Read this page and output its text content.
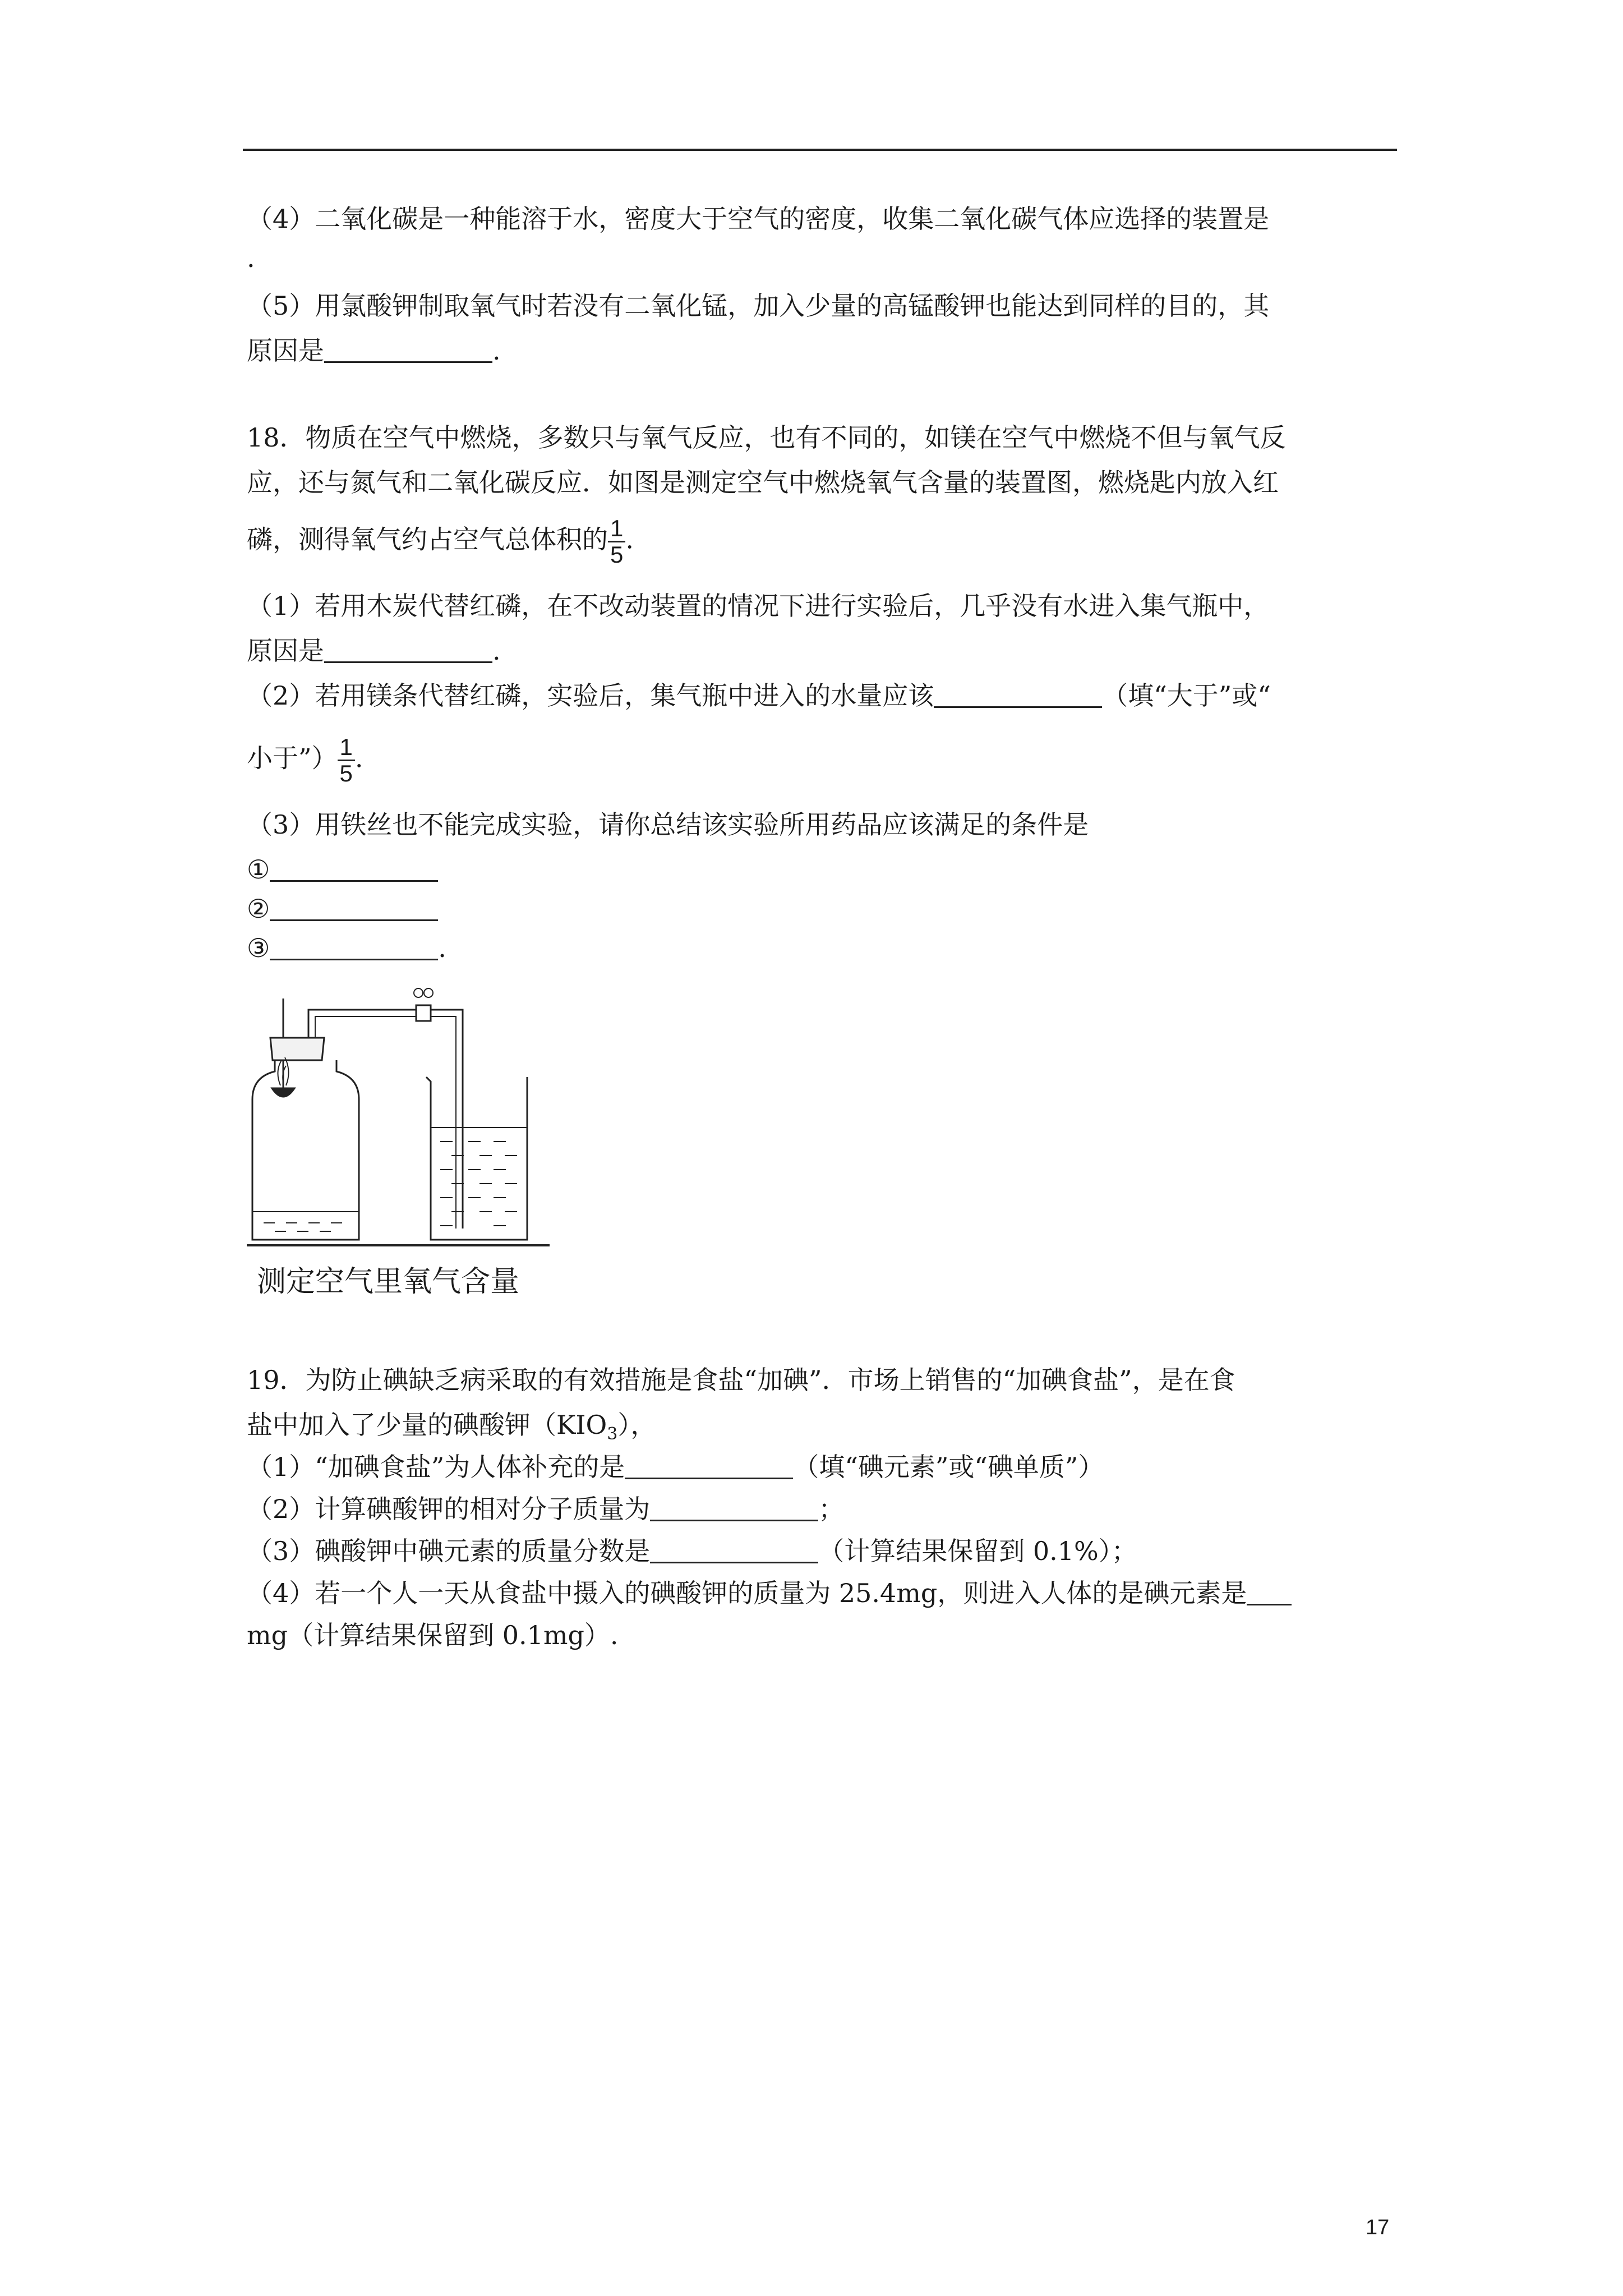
（4）二氧化碳是一种能溶于水，密度大于空气的密度，收集二氧化碳气体应选择的装置是
.
（5）用氯酸钾制取氧气时若没有二氧化锰，加入少量的高锰酸钾也能达到同样的目的，其
原因是	.
18．物质在空气中燃烧，多数只与氧气反应，也有不同的，如镁在空气中燃烧不但与氧气反
应，还与氮气和二氧化碳反应．如图是测定空气中燃烧氧气含量的装置图，燃烧匙内放入红
磷，测得氧气约占空气总体积的 $\frac{1}{5}$ .
（1）若用木炭代替红磷，在不改动装置的情况下进行实验后，几乎没有水进入集气瓶中，
原因是	.
（2）若用镁条代替红磷，实验后，集气瓶中进入的水量应该	（填“大于”或“
小于”） $\frac{1}{5}$ .
（3）用铁丝也不能完成实验，请你总结该实验所用药品应该满足的条件是
①
②
③	.
测定空气里氧气含量
19．为防止碘缺乏病采取的有效措施是食盐“加碘”．市场上销售的“加碘食盐”，是在食
盐中加入了少量的碘酸钾$(KIO_3)$，
（1）“加碘食盐”为人体补充的是	（填“碘元素”或“碘单质”）
（2）计算碘酸钾的相对分子质量为	；
（3）碘酸钾中碘元素的质量分数是	（计算结果保留到 0.1%）；
（4）若一个人一天从食盐中摄入的碘酸钾的质量为 25.4mg，则进入人体的是碘元素是
mg（计算结果保留到 0.1mg）.
17
